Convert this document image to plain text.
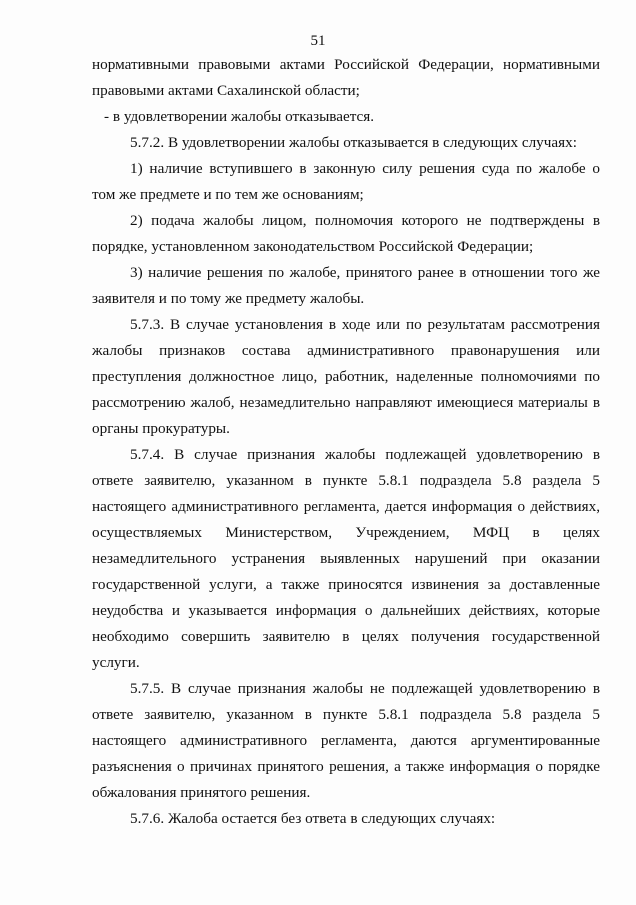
51
нормативными правовыми актами Российской Федерации, нормативными
правовыми актами Сахалинской области;
- в удовлетворении жалобы отказывается.
5.7.2. В удовлетворении жалобы отказывается в следующих случаях:
1) наличие вступившего в законную силу решения суда по жалобе о
том же предмете и по тем же основаниям;
2) подача жалобы лицом, полномочия которого не подтверждены в
порядке, установленном законодательством Российской Федерации;
3) наличие решения по жалобе, принятого ранее в отношении того же
заявителя и по тому же предмету жалобы.
5.7.3. В случае установления в ходе или по результатам рассмотрения
жалобы признаков состава административного правонарушения или
преступления должностное лицо, работник, наделенные полномочиями по
рассмотрению жалоб, незамедлительно направляют имеющиеся материалы в
органы прокуратуры.
5.7.4. В случае признания жалобы подлежащей удовлетворению в
ответе заявителю, указанном в пункте 5.8.1 подраздела 5.8 раздела 5
настоящего административного регламента, дается информация о действиях,
осуществляемых Министерством, Учреждением, МФЦ в целях
незамедлительного устранения выявленных нарушений при оказании
государственной услуги, а также приносятся извинения за доставленные
неудобства и указывается информация о дальнейших действиях, которые
необходимо совершить заявителю в целях получения государственной
услуги.
5.7.5. В случае признания жалобы не подлежащей удовлетворению в
ответе заявителю, указанном в пункте 5.8.1 подраздела 5.8 раздела 5
настоящего административного регламента, даются аргументированные
разъяснения о причинах принятого решения, а также информация о порядке
обжалования принятого решения.
5.7.6. Жалоба остается без ответа в следующих случаях:
